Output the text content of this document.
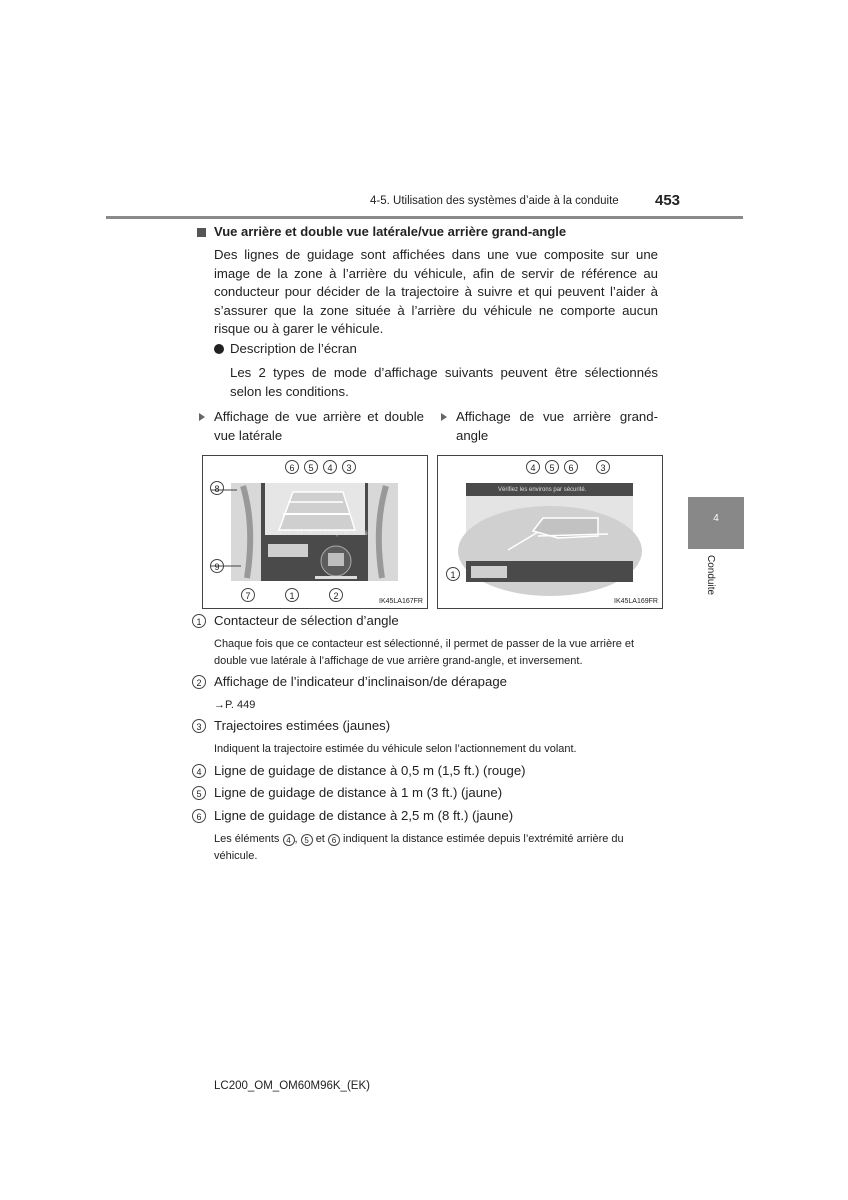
4-5. Utilisation des systèmes d’aide à la conduite 453
4
Conduite
Vue arrière et double vue latérale/vue arrière grand-angle
Des lignes de guidage sont affichées dans une vue composite sur une image de la zone à l’arrière du véhicule, afin de servir de référence au conducteur pour décider de la trajectoire à suivre et qui peuvent l’aider à s’assurer que la zone située à l’arrière du véhicule ne comporte aucun risque ou à garer le véhicule.
Description de l’écran
Les 2 types de mode d’affichage suivants peuvent être sélectionnés selon les conditions.
Affichage de vue arrière et double vue latérale
Affichage de vue arrière grand-angle
Vérifiez les environs par sécurité.
IK45LA167FR
6	5	4	3
8
9
7	1	2
Vérifiez les environs par sécurité.
IK45LA169FR
4	5	6	3
1
1 Contacteur de sélection d’angle
Chaque fois que ce contacteur est sélectionné, il permet de passer de la vue arrière et double vue latérale à l’affichage de vue arrière grand-angle, et inversement.
2 Affichage de l’indicateur d’inclinaison/de dérapage
→P. 449
3 Trajectoires estimées (jaunes)
Indiquent la trajectoire estimée du véhicule selon l’actionnement du volant.
4 Ligne de guidage de distance à 0,5 m (1,5 ft.) (rouge)
5 Ligne de guidage de distance à 1 m (3 ft.) (jaune)
6 Ligne de guidage de distance à 2,5 m (8 ft.) (jaune)
Les éléments 4 , 5 et 6 indiquent la distance estimée depuis l’extrémité arrière du véhicule.
LC200_OM_OM60M96K_(EK)
